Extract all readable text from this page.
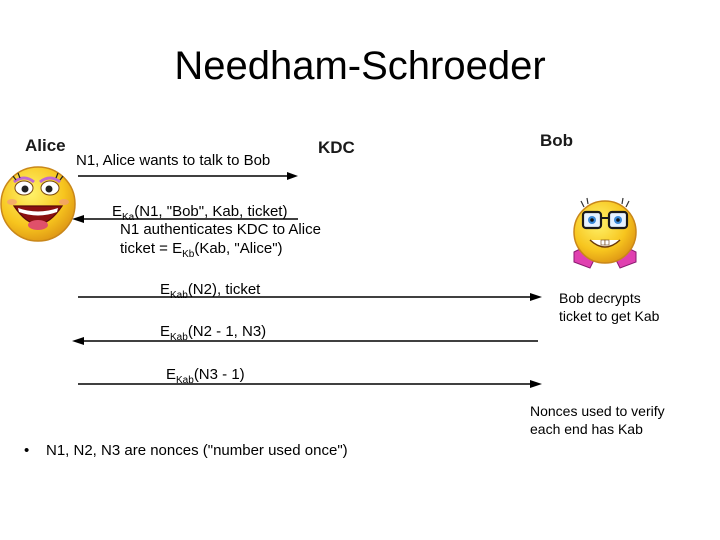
Needham-Schroeder
Alice	KDC	Bob
N1, Alice wants to talk to Bob
$E_{Ka}(N1$, "Bob", Kab, ticket)
N1 authenticates KDC to Alice
ticket = $E_{Kb}(Kab$, "Alice")
$E_{Kab}(N2)$, ticket
$E_{Kab}(N2 - 1$, N3)
$E_{Kab}(N3 - 1)$
Bob decrypts
ticket to get Kab
Nonces used to verify
each end has Kab
• N1, N2, N3 are nonces ("number used once")
